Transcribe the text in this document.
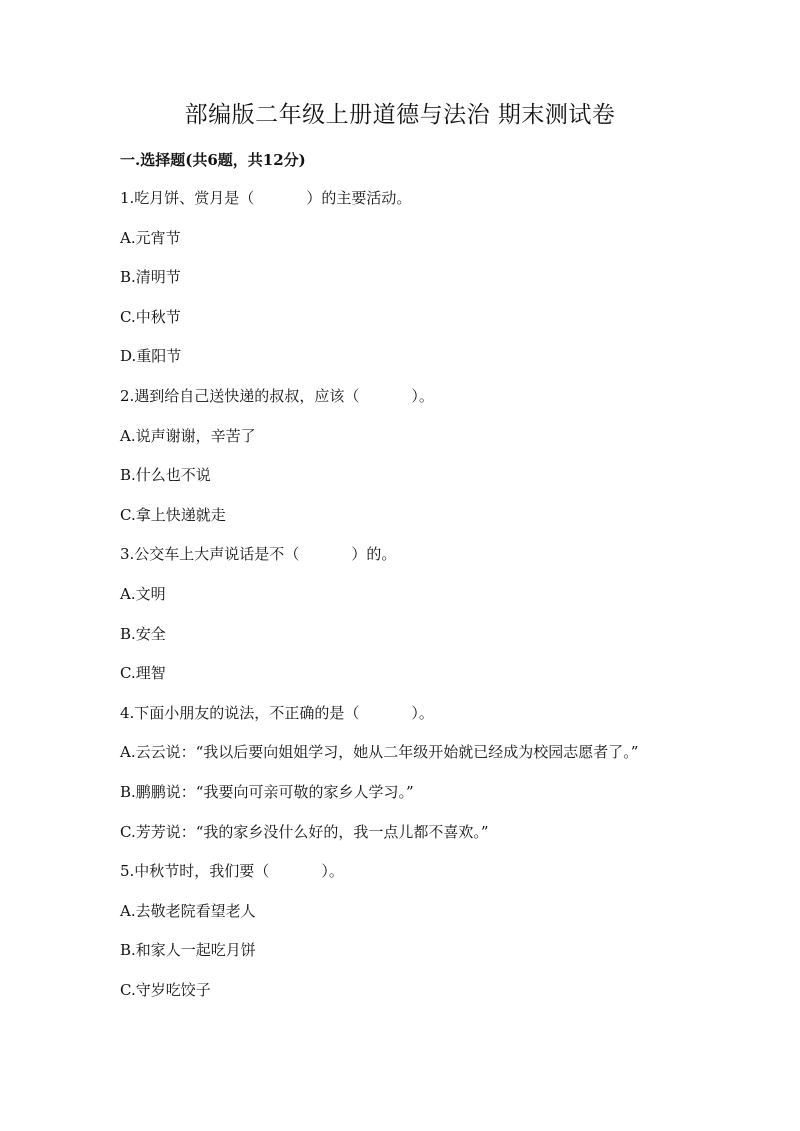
部编版二年级上册道德与法治 期末测试卷
一.选择题(共6题，共12分)

1.吃月饼、赏月是（	）的主要活动。

A.元宵节

B.清明节

C.中秋节

D.重阳节

2.遇到给自己送快递的叔叔，应该（	）。

A.说声谢谢，辛苦了

B.什么也不说

C.拿上快递就走

3.公交车上大声说话是不（	）的。

A.文明

B.安全

C.理智

4.下面小朋友的说法，不正确的是（	）。

A.云云说：“我以后要向姐姐学习，她从二年级开始就已经成为校园志愿者了。”

B.鹏鹏说：“我要向可亲可敬的家乡人学习。”

C.芳芳说：“我的家乡没什么好的，我一点儿都不喜欢。”

5.中秋节时，我们要（	）。

A.去敬老院看望老人

B.和家人一起吃月饼

C.守岁吃饺子
